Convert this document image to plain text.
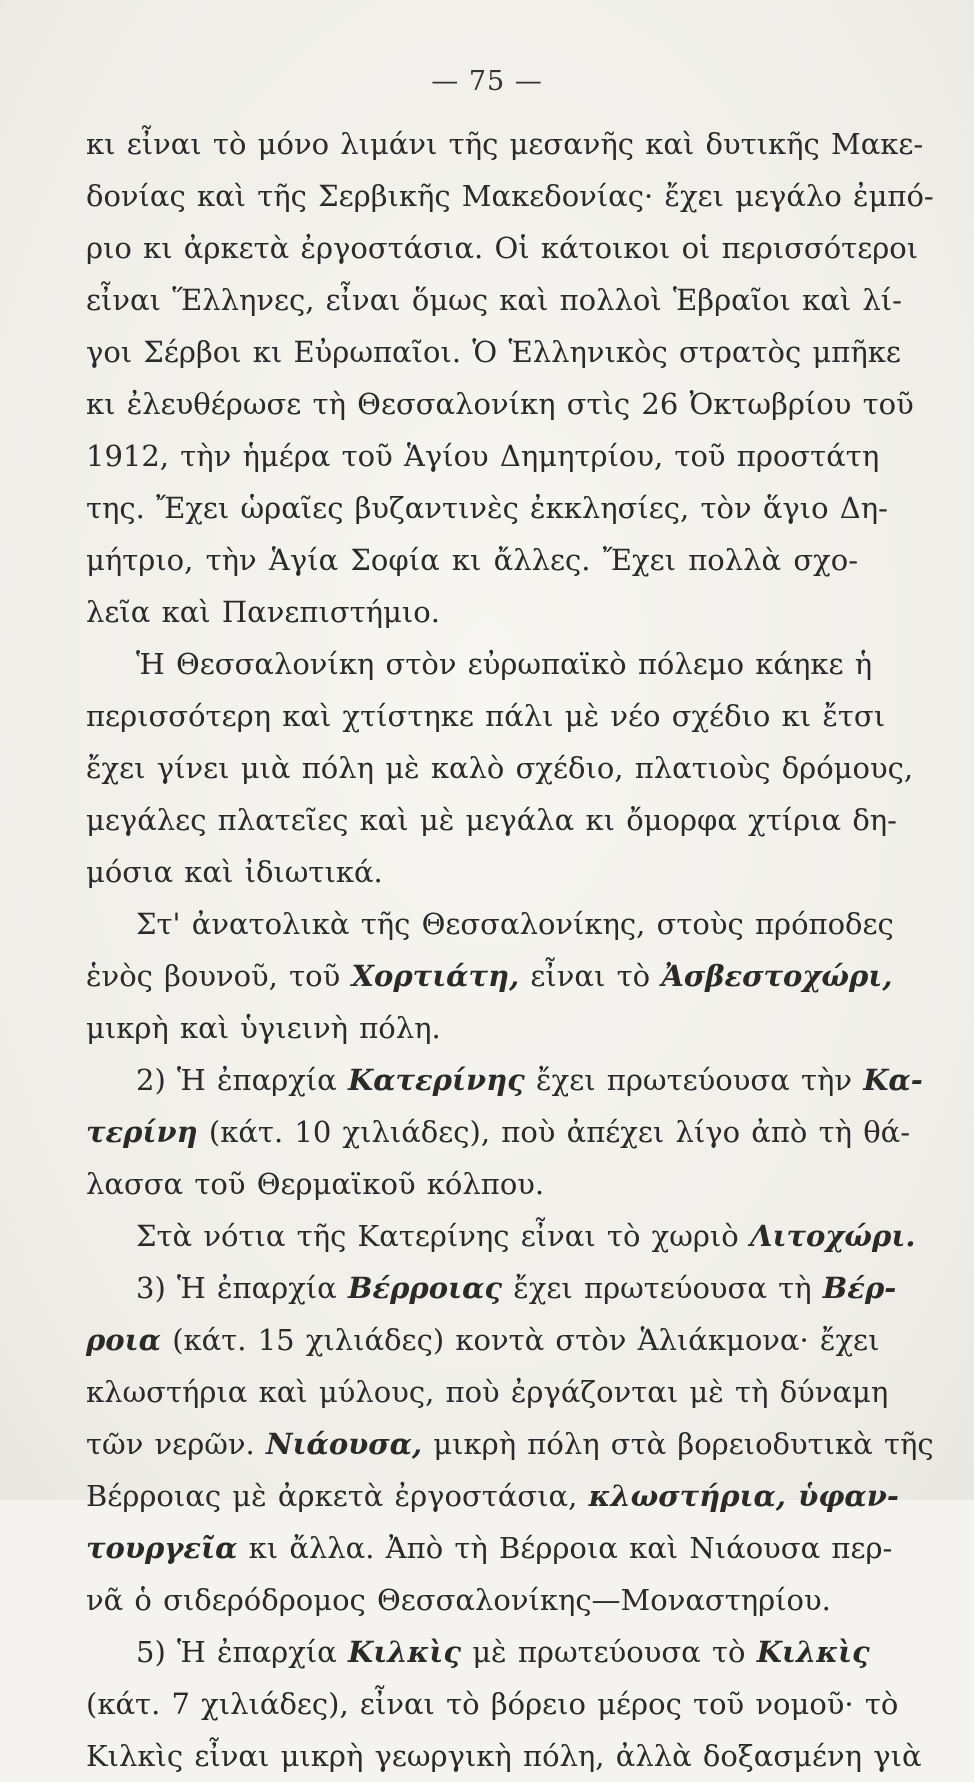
— 75 —
κι εἶναι τὸ μόνο λιμάνι τῆς μεσανῆς καὶ δυτικῆς Μακε-
δονίας καὶ τῆς Σερβικῆς Μακεδονίας· ἔχει μεγάλο ἐμπό-
ριο κι ἀρκετὰ ἐργοστάσια. Οἱ κάτοικοι οἱ περισσότεροι
εἶναι Ἕλληνες, εἶναι ὅμως καὶ πολλοὶ Ἑβραῖοι καὶ λί-
γοι Σέρβοι κι Εὐρωπαῖοι. Ὁ Ἑλληνικὸς στρατὸς μπῆκε
κι ἐλευθέρωσε τὴ Θεσσαλονίκη στὶς 26 Ὀκτωβρίου τοῦ
1912, τὴν ἡμέρα τοῦ Ἁγίου Δημητρίου, τοῦ προστάτη
της. Ἔχει ὡραῖες βυζαντινὲς ἐκκλησίες, τὸν ἅγιο Δη-
μήτριο, τὴν Ἁγία Σοφία κι ἄλλες. Ἔχει πολλὰ σχο-
λεῖα καὶ Πανεπιστήμιο.
Ἡ Θεσσαλονίκη στὸν εὐρωπαϊκὸ πόλεμο κάηκε ἡ
περισσότερη καὶ χτίστηκε πάλι μὲ νέο σχέδιο κι ἔτσι
ἔχει γίνει μιὰ πόλη μὲ καλὸ σχέδιο, πλατιοὺς δρόμους,
μεγάλες πλατεῖες καὶ μὲ μεγάλα κι ὄμορφα χτίρια δη-
μόσια καὶ ἰδιωτικά.
Στ' ἀνατολικὰ τῆς Θεσσαλονίκης, στοὺς πρόποδες
ἑνὸς βουνοῦ, τοῦ Χορτιάτη, εἶναι τὸ Ἀσβεστοχώρι,
μικρὴ καὶ ὑγιεινὴ πόλη.
2) Ἡ ἐπαρχία Κατερίνης ἔχει πρωτεύουσα τὴν Κα-
τερίνη (κάτ. 10 χιλιάδες), ποὺ ἀπέχει λίγο ἀπὸ τὴ θά-
λασσα τοῦ Θερμαϊκοῦ κόλπου.
Στὰ νότια τῆς Κατερίνης εἶναι τὸ χωριὸ Λιτοχώρι.
3) Ἡ ἐπαρχία Βέρροιας ἔχει πρωτεύουσα τὴ Βέρ-
ροια (κάτ. 15 χιλιάδες) κοντὰ στὸν Ἁλιάκμονα· ἔχει
κλωστήρια καὶ μύλους, ποὺ ἐργάζονται μὲ τὴ δύναμη
τῶν νερῶν. Νιάουσα, μικρὴ πόλη στὰ βορειοδυτικὰ τῆς
Βέρροιας μὲ ἀρκετὰ ἐργοστάσια, κλωστήρια, ὑφαν-
τουργεῖα κι ἄλλα. Ἀπὸ τὴ Βέρροια καὶ Νιάουσα περ-
νᾶ ὁ σιδερόδρομος Θεσσαλονίκης—Μοναστηρίου.
5) Ἡ ἐπαρχία Κιλκὶς μὲ πρωτεύουσα τὸ Κιλκὶς
(κάτ. 7 χιλιάδες), εἶναι τὸ βόρειο μέρος τοῦ νομοῦ· τὸ
Κιλκὶς εἶναι μικρὴ γεωργικὴ πόλη, ἀλλὰ δοξασμένη γιὰ
